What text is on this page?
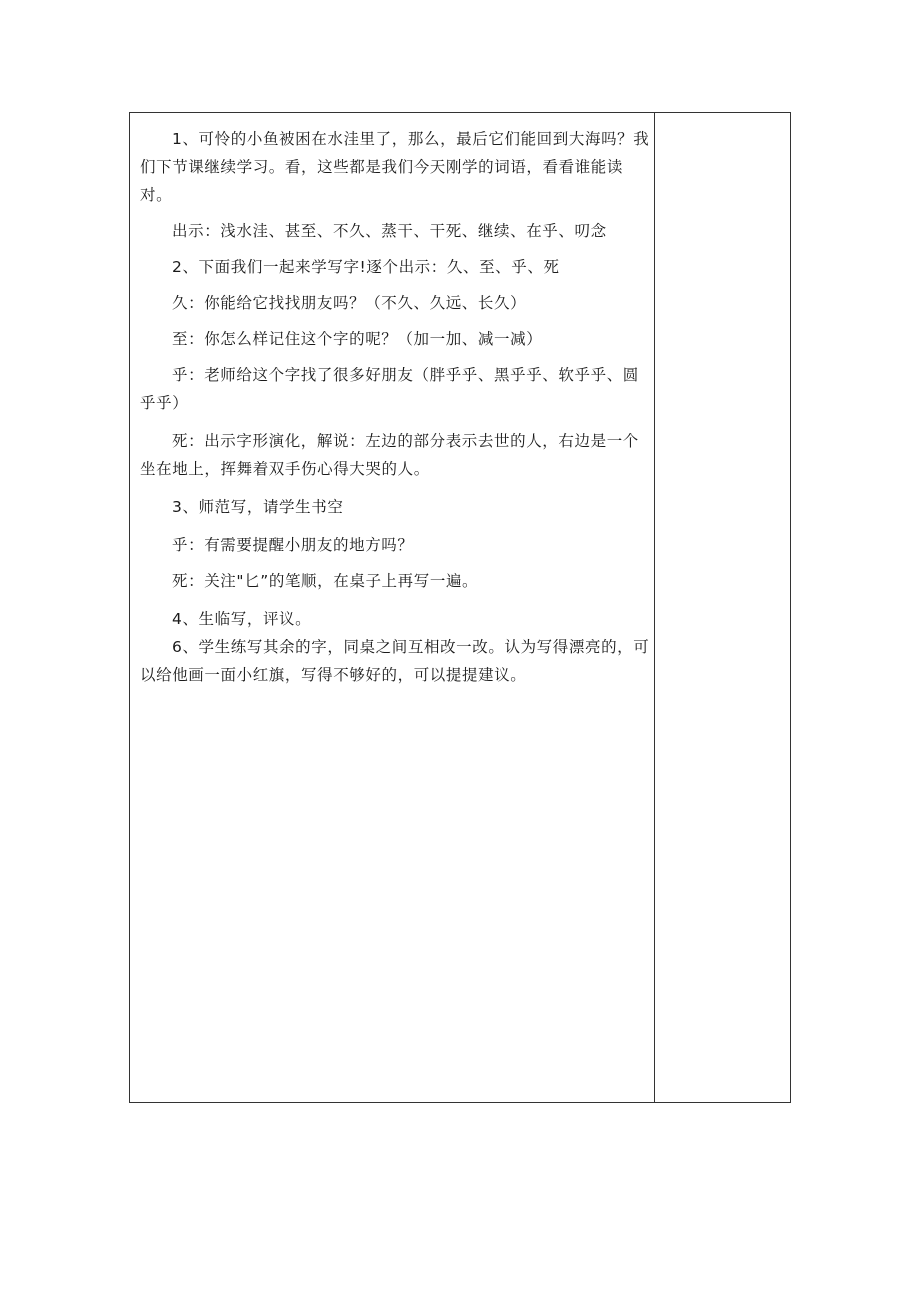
1、可怜的小鱼被困在水洼里了，那么，最后它们能回到大海吗？我们下节课继续学习。看，这些都是我们今天刚学的词语，看看谁能读对。

出示：浅水洼、甚至、不久、蒸干、干死、继续、在乎、叨念

2、下面我们一起来学写字!逐个出示：久、至、乎、死

久：你能给它找找朋友吗？（不久、久远、长久）

至：你怎么样记住这个字的呢？（加一加、减一减）

乎：老师给这个字找了很多好朋友（胖乎乎、黑乎乎、软乎乎、圆乎乎）

死：出示字形演化，解说：左边的部分表示去世的人，右边是一个坐在地上，挥舞着双手伤心得大哭的人。

3、师范写，请学生书空

乎：有需要提醒小朋友的地方吗？

死：关注"匕”的笔顺，在桌子上再写一遍。

4、生临写，评议。

6、学生练写其余的字，同桌之间互相改一改。认为写得漂亮的，可以给他画一面小红旗，写得不够好的，可以提提建议。
